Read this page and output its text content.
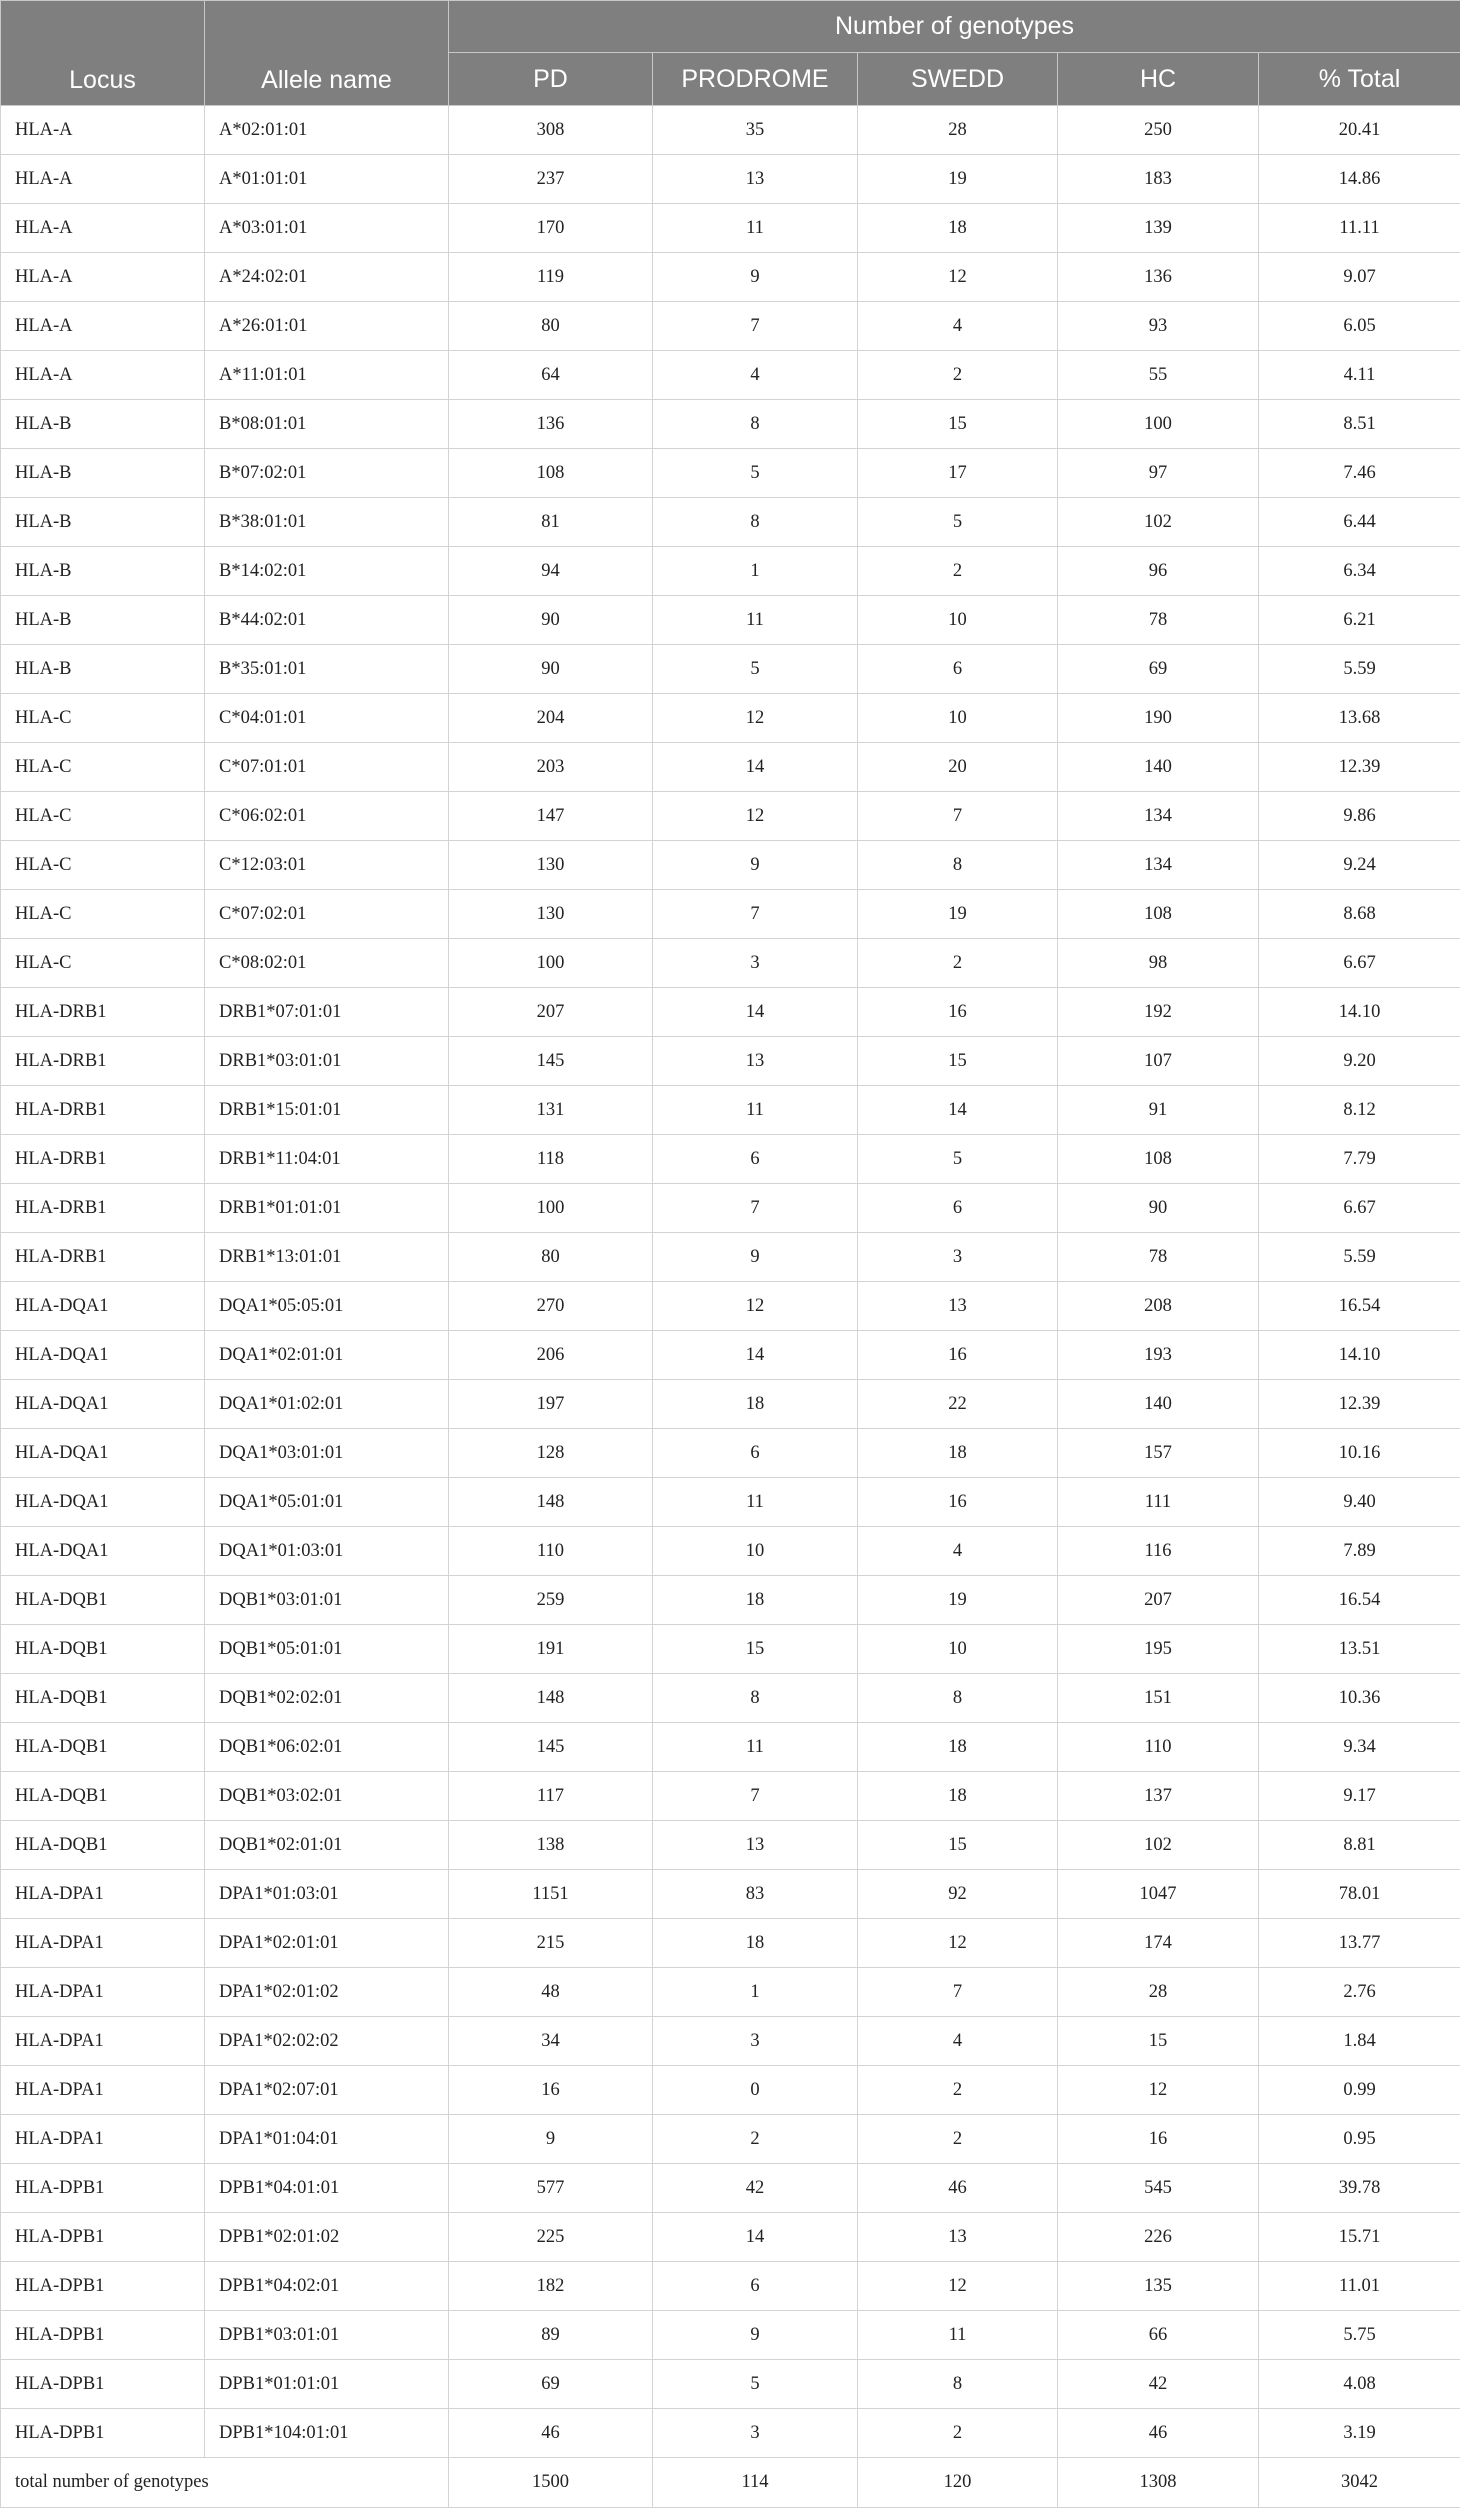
Locus	Allele name	Number of genotypes				
		PD	PRODROME	SWEDD	HC	% Total
HLA-A	A*02:01:01	308	35	28	250	20.41
HLA-A	A*01:01:01	237	13	19	183	14.86
HLA-A	A*03:01:01	170	11	18	139	11.11
HLA-A	A*24:02:01	119	9	12	136	9.07
HLA-A	A*26:01:01	80	7	4	93	6.05
HLA-A	A*11:01:01	64	4	2	55	4.11
HLA-B	B*08:01:01	136	8	15	100	8.51
HLA-B	B*07:02:01	108	5	17	97	7.46
HLA-B	B*38:01:01	81	8	5	102	6.44
HLA-B	B*14:02:01	94	1	2	96	6.34
HLA-B	B*44:02:01	90	11	10	78	6.21
HLA-B	B*35:01:01	90	5	6	69	5.59
HLA-C	C*04:01:01	204	12	10	190	13.68
HLA-C	C*07:01:01	203	14	20	140	12.39
HLA-C	C*06:02:01	147	12	7	134	9.86
HLA-C	C*12:03:01	130	9	8	134	9.24
HLA-C	C*07:02:01	130	7	19	108	8.68
HLA-C	C*08:02:01	100	3	2	98	6.67
HLA-DRB1	DRB1*07:01:01	207	14	16	192	14.10
HLA-DRB1	DRB1*03:01:01	145	13	15	107	9.20
HLA-DRB1	DRB1*15:01:01	131	11	14	91	8.12
HLA-DRB1	DRB1*11:04:01	118	6	5	108	7.79
HLA-DRB1	DRB1*01:01:01	100	7	6	90	6.67
HLA-DRB1	DRB1*13:01:01	80	9	3	78	5.59
HLA-DQA1	DQA1*05:05:01	270	12	13	208	16.54
HLA-DQA1	DQA1*02:01:01	206	14	16	193	14.10
HLA-DQA1	DQA1*01:02:01	197	18	22	140	12.39
HLA-DQA1	DQA1*03:01:01	128	6	18	157	10.16
HLA-DQA1	DQA1*05:01:01	148	11	16	111	9.40
HLA-DQA1	DQA1*01:03:01	110	10	4	116	7.89
HLA-DQB1	DQB1*03:01:01	259	18	19	207	16.54
HLA-DQB1	DQB1*05:01:01	191	15	10	195	13.51
HLA-DQB1	DQB1*02:02:01	148	8	8	151	10.36
HLA-DQB1	DQB1*06:02:01	145	11	18	110	9.34
HLA-DQB1	DQB1*03:02:01	117	7	18	137	9.17
HLA-DQB1	DQB1*02:01:01	138	13	15	102	8.81
HLA-DPA1	DPA1*01:03:01	1151	83	92	1047	78.01
HLA-DPA1	DPA1*02:01:01	215	18	12	174	13.77
HLA-DPA1	DPA1*02:01:02	48	1	7	28	2.76
HLA-DPA1	DPA1*02:02:02	34	3	4	15	1.84
HLA-DPA1	DPA1*02:07:01	16	0	2	12	0.99
HLA-DPA1	DPA1*01:04:01	9	2	2	16	0.95
HLA-DPB1	DPB1*04:01:01	577	42	46	545	39.78
HLA-DPB1	DPB1*02:01:02	225	14	13	226	15.71
HLA-DPB1	DPB1*04:02:01	182	6	12	135	11.01
HLA-DPB1	DPB1*03:01:01	89	9	11	66	5.75
HLA-DPB1	DPB1*01:01:01	69	5	8	42	4.08
HLA-DPB1	DPB1*104:01:01	46	3	2	46	3.19
total number of genotypes		1500	114	120	1308	3042
